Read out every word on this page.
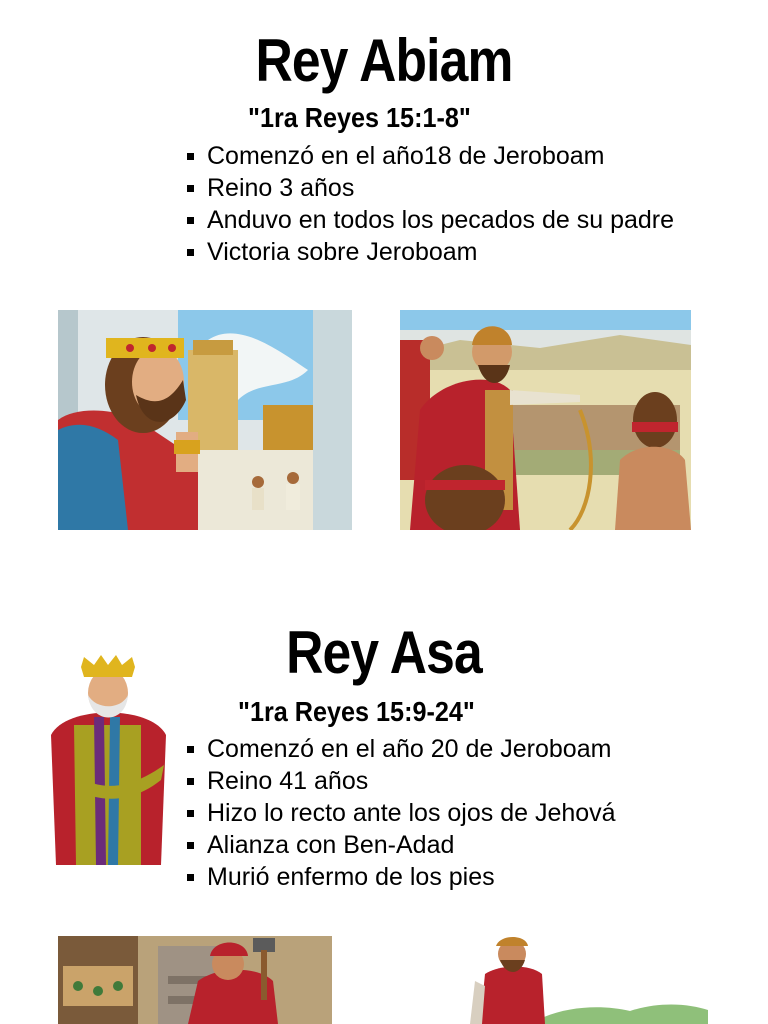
Rey Abiam
"1ra Reyes 15:1-8"
Comenzó en el año18 de Jeroboam
Reino 3 años
Anduvo en todos los pecados de su padre
Victoria sobre Jeroboam
Rey Asa
"1ra Reyes 15:9-24"
Comenzó en el año 20 de Jeroboam
Reino 41 años
Hizo lo recto ante los ojos de Jehová
Alianza con Ben-Adad
Murió enfermo de los pies
